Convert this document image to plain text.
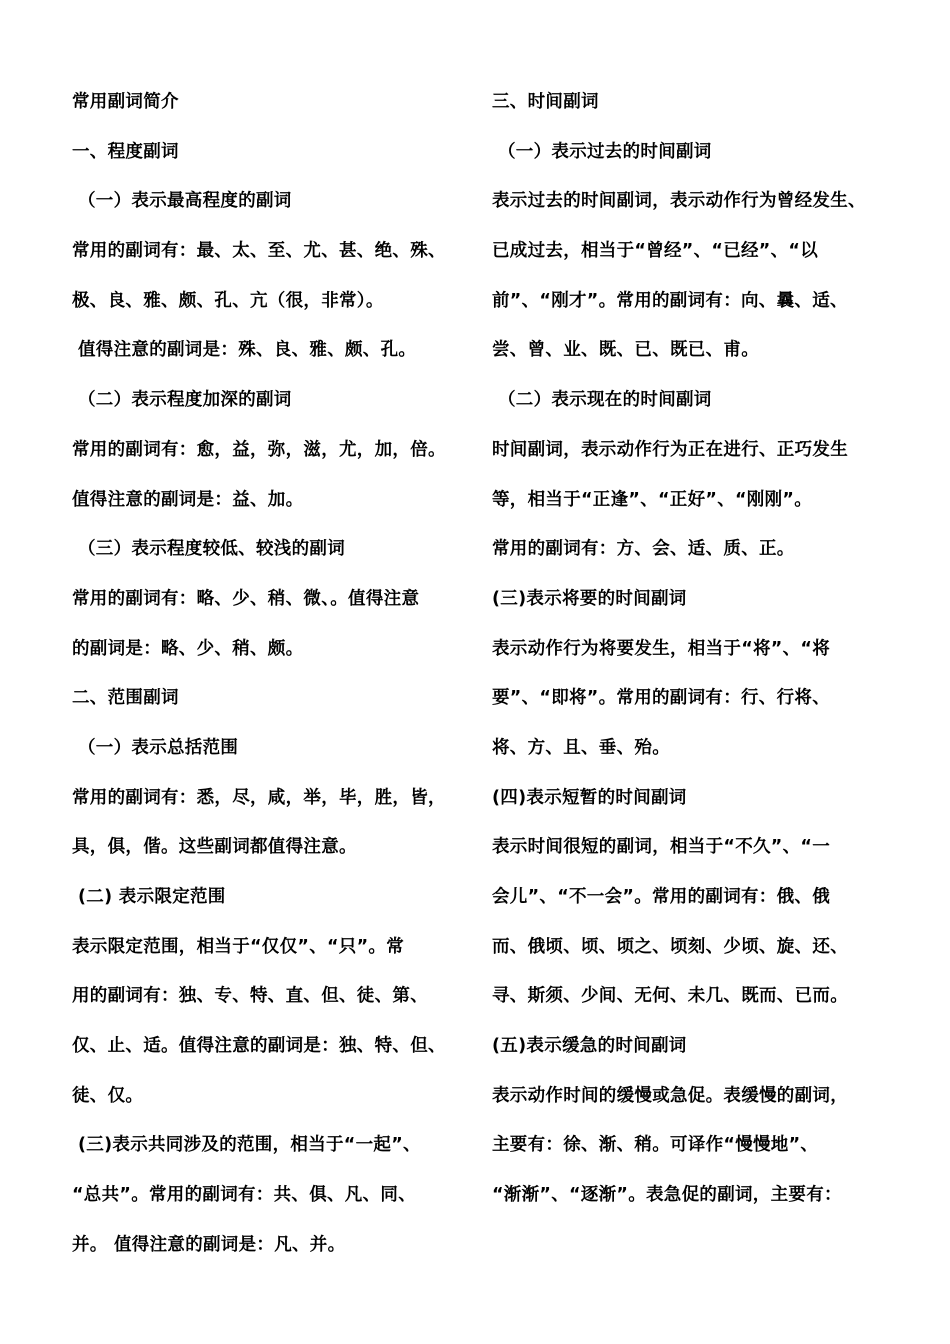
常用副词简介
一、程度副词
（一）表示最高程度的副词
常用的副词有：最、太、至、尤、甚、绝、殊、
极、良、雅、颇、孔、亢（很，非常）。
值得注意的副词是：殊、良、雅、颇、孔。
（二）表示程度加深的副词
常用的副词有：愈，益，弥，滋，尤，加，倍。
值得注意的副词是：益、加。
（三）表示程度较低、较浅的副词
常用的副词有：略、少、稍、微、。值得注意
的副词是：略、少、稍、颇。
二、范围副词
（一）表示总括范围
常用的副词有：悉，尽，咸，举，毕，胜，皆，
具，俱，偕。这些副词都值得注意。
(二) 表示限定范围
表示限定范围，相当于“仅仅”、“只”。常
用的副词有：独、专、特、直、但、徒、第、
仅、止、适。值得注意的副词是：独、特、但、
徒、仅。
(三)表示共同涉及的范围，相当于“一起”、
“总共”。常用的副词有：共、俱、凡、同、
并。 值得注意的副词是：凡、并。
三、时间副词
（一）表示过去的时间副词
表示过去的时间副词，表示动作行为曾经发生、
已成过去，相当于“曾经”、“已经”、“以
前”、“刚才”。常用的副词有：向、曩、适、
尝、曾、业、既、已、既已、甫。
（二）表示现在的时间副词
时间副词，表示动作行为正在进行、正巧发生
等，相当于“正逢”、“正好”、“刚刚”。
常用的副词有：方、会、适、质、正。
(三)表示将要的时间副词
表示动作行为将要发生，相当于“将”、“将
要”、“即将”。常用的副词有：行、行将、
将、方、且、垂、殆。
(四)表示短暂的时间副词
表示时间很短的副词，相当于“不久”、“一
会儿”、“不一会”。常用的副词有：俄、俄
而、俄顷、顷、顷之、顷刻、少顷、旋、还、
寻、斯须、少间、无何、未几、既而、已而。
(五)表示缓急的时间副词
表示动作时间的缓慢或急促。表缓慢的副词，
主要有：徐、渐、稍。可译作“慢慢地”、
“渐渐”、“逐渐”。表急促的副词，主要有：
